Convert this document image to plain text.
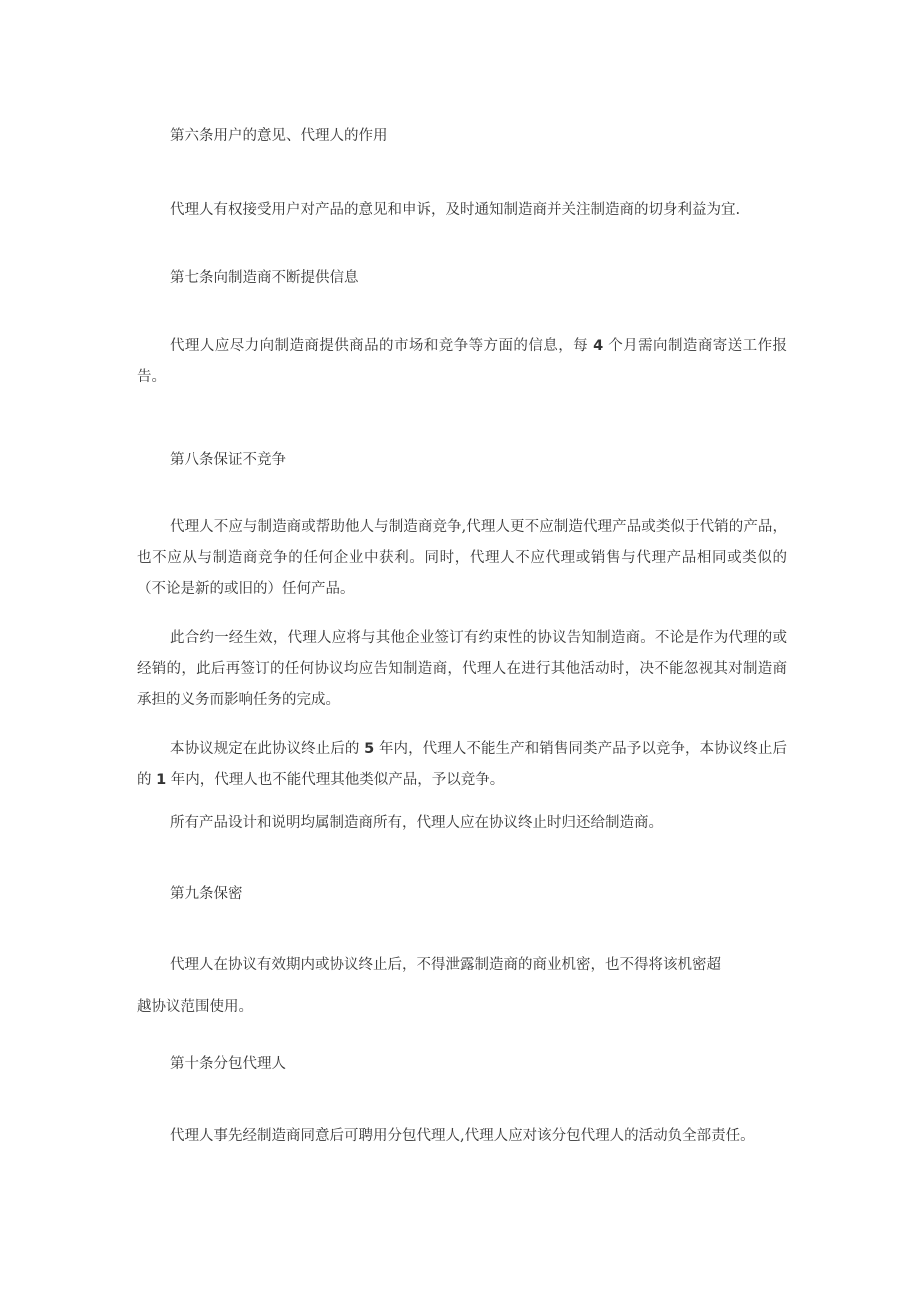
第六条用户的意见、代理人的作用
代理人有权接受用户对产品的意见和申诉，及时通知制造商并关注制造商的切身利益为宜.
第七条向制造商不断提供信息
代理人应尽力向制造商提供商品的市场和竞争等方面的信息，每 4 个月需向制造商寄送工作报告。
第八条保证不竞争
代理人不应与制造商或帮助他人与制造商竞争,代理人更不应制造代理产品或类似于代销的产品，也不应从与制造商竞争的任何企业中获利。同时，代理人不应代理或销售与代理产品相同或类似的（不论是新的或旧的）任何产品。
此合约一经生效，代理人应将与其他企业签订有约束性的协议告知制造商。不论是作为代理的或经销的，此后再签订的任何协议均应告知制造商，代理人在进行其他活动时，决不能忽视其对制造商承担的义务而影响任务的完成。
本协议规定在此协议终止后的 5 年内，代理人不能生产和销售同类产品予以竞争，本协议终止后的 1 年内，代理人也不能代理其他类似产品，予以竞争。
所有产品设计和说明均属制造商所有，代理人应在协议终止时归还给制造商。
第九条保密
代理人在协议有效期内或协议终止后，不得泄露制造商的商业机密，也不得将该机密超
越协议范围使用。
第十条分包代理人
代理人事先经制造商同意后可聘用分包代理人,代理人应对该分包代理人的活动负全部责任。
